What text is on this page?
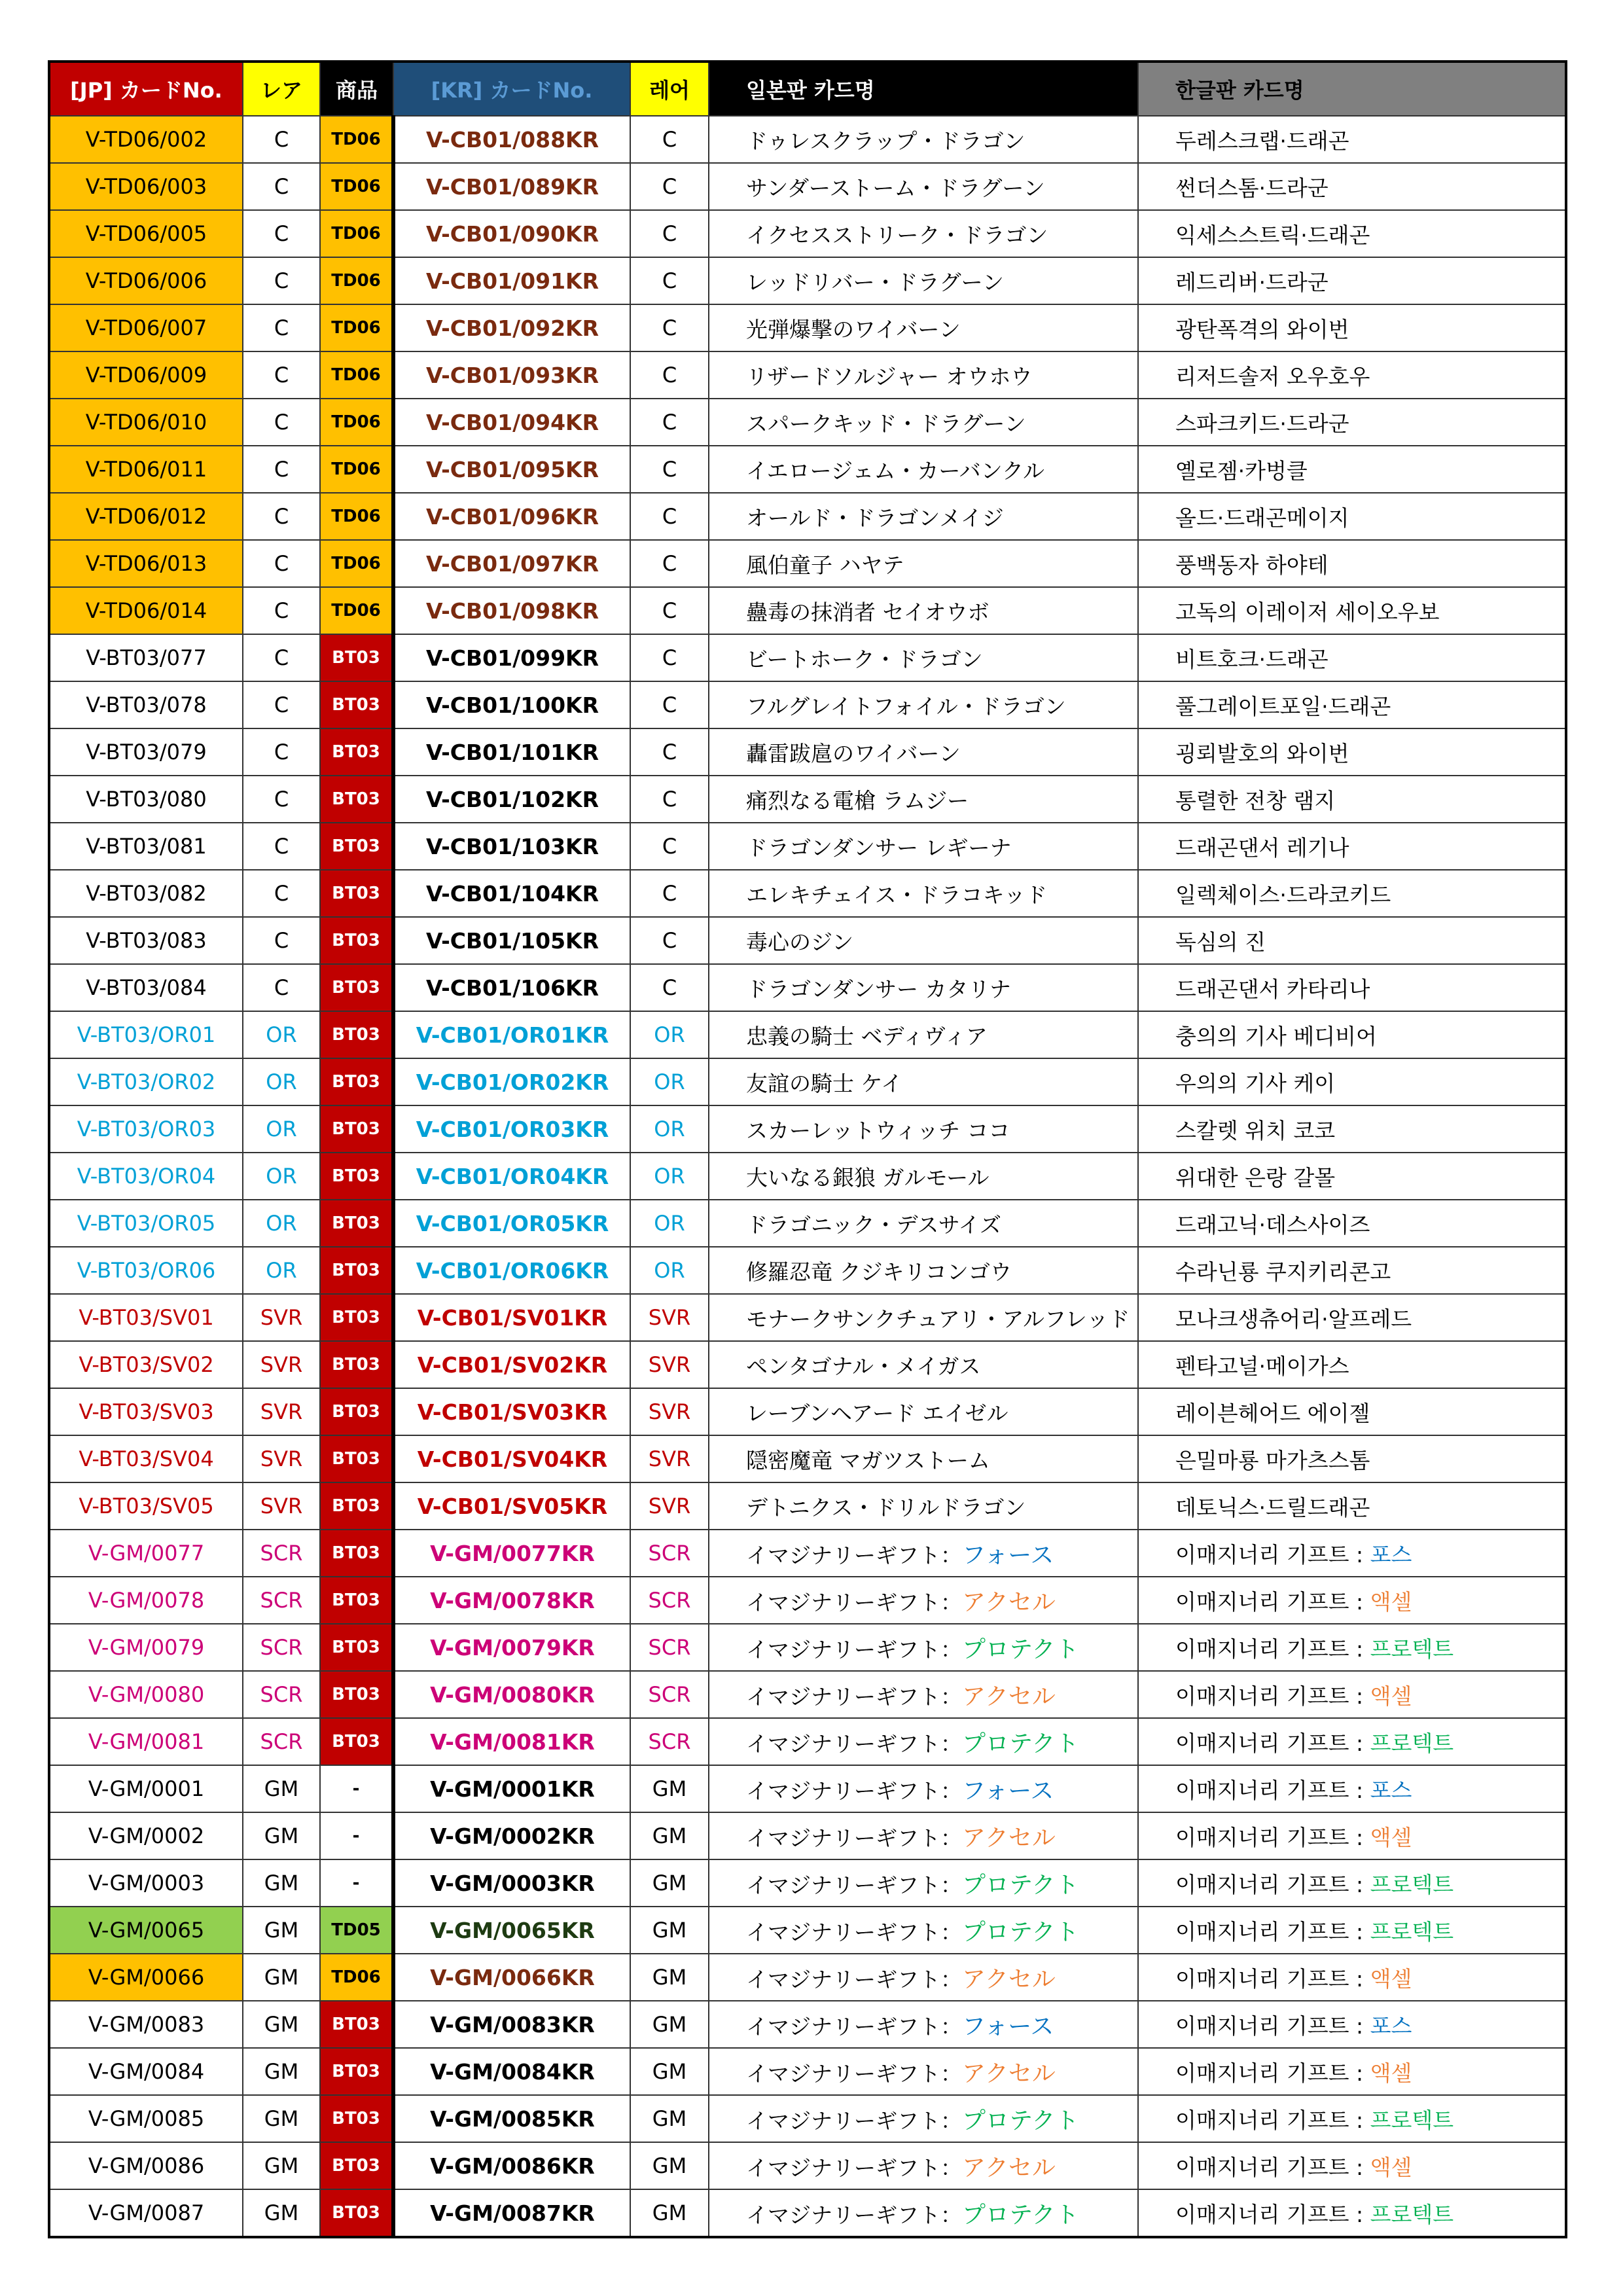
[JP] カードNo.	レア	商品	[KR] カードNo.	레어	일본판 카드명	한글판 카드명
V-TD06/002	C	TD06	V-CB01/088KR	C	ドゥレスクラップ・ドラゴン	두레스크랩·드래곤
V-TD06/003	C	TD06	V-CB01/089KR	C	サンダーストーム・ドラグーン	썬더스톰·드라군
V-TD06/005	C	TD06	V-CB01/090KR	C	イクセスストリーク・ドラゴン	익세스스트릭·드래곤
V-TD06/006	C	TD06	V-CB01/091KR	C	レッドリバー・ドラグーン	레드리버·드라군
V-TD06/007	C	TD06	V-CB01/092KR	C	光弾爆撃のワイバーン	광탄폭격의 와이번
V-TD06/009	C	TD06	V-CB01/093KR	C	リザードソルジャー オウホウ	리저드솔저 오우호우
V-TD06/010	C	TD06	V-CB01/094KR	C	スパークキッド・ドラグーン	스파크키드·드라군
V-TD06/011	C	TD06	V-CB01/095KR	C	イエロージェム・カーバンクル	옐로젬·카벙클
V-TD06/012	C	TD06	V-CB01/096KR	C	オールド・ドラゴンメイジ	올드·드래곤메이지
V-TD06/013	C	TD06	V-CB01/097KR	C	風伯童子 ハヤテ	풍백동자 하야테
V-TD06/014	C	TD06	V-CB01/098KR	C	蠱毒の抹消者 セイオウボ	고독의 이레이저 세이오우보
V-BT03/077	C	BT03	V-CB01/099KR	C	ビートホーク・ドラゴン	비트호크·드래곤
V-BT03/078	C	BT03	V-CB01/100KR	C	フルグレイトフォイル・ドラゴン	풀그레이트포일·드래곤
V-BT03/079	C	BT03	V-CB01/101KR	C	轟雷跋扈のワイバーン	굉뢰발호의 와이번
V-BT03/080	C	BT03	V-CB01/102KR	C	痛烈なる電槍 ラムジー	통렬한 전창 램지
V-BT03/081	C	BT03	V-CB01/103KR	C	ドラゴンダンサー レギーナ	드래곤댄서 레기나
V-BT03/082	C	BT03	V-CB01/104KR	C	エレキチェイス・ドラコキッド	일렉체이스·드라코키드
V-BT03/083	C	BT03	V-CB01/105KR	C	毒心のジン	독심의 진
V-BT03/084	C	BT03	V-CB01/106KR	C	ドラゴンダンサー カタリナ	드래곤댄서 카타리나
V-BT03/OR01	OR	BT03	V-CB01/OR01KR	OR	忠義の騎士 ベディヴィア	충의의 기사 베디비어
V-BT03/OR02	OR	BT03	V-CB01/OR02KR	OR	友誼の騎士 ケイ	우의의 기사 케이
V-BT03/OR03	OR	BT03	V-CB01/OR03KR	OR	スカーレットウィッチ ココ	스칼렛 위치 코코
V-BT03/OR04	OR	BT03	V-CB01/OR04KR	OR	大いなる銀狼 ガルモール	위대한 은랑 갈몰
V-BT03/OR05	OR	BT03	V-CB01/OR05KR	OR	ドラゴニック・デスサイズ	드래고닉·데스사이즈
V-BT03/OR06	OR	BT03	V-CB01/OR06KR	OR	修羅忍竜 クジキリコンゴウ	수라닌룡 쿠지키리콘고
V-BT03/SV01	SVR	BT03	V-CB01/SV01KR	SVR	モナークサンクチュアリ・アルフレッド	모나크생츄어리·알프레드
V-BT03/SV02	SVR	BT03	V-CB01/SV02KR	SVR	ペンタゴナル・メイガス	펜타고널·메이가스
V-BT03/SV03	SVR	BT03	V-CB01/SV03KR	SVR	レーブンヘアード エイゼル	레이븐헤어드 에이젤
V-BT03/SV04	SVR	BT03	V-CB01/SV04KR	SVR	隠密魔竜 マガツストーム	은밀마룡 마가츠스톰
V-BT03/SV05	SVR	BT03	V-CB01/SV05KR	SVR	デトニクス・ドリルドラゴン	데토닉스·드릴드래곤
V-GM/0077	SCR	BT03	V-GM/0077KR	SCR	イマジナリーギフト：フォース	이매지너리 기프트 : 포스
V-GM/0078	SCR	BT03	V-GM/0078KR	SCR	イマジナリーギフト：アクセル	이매지너리 기프트 : 액셀
V-GM/0079	SCR	BT03	V-GM/0079KR	SCR	イマジナリーギフト：プロテクト	이매지너리 기프트 : 프로텍트
V-GM/0080	SCR	BT03	V-GM/0080KR	SCR	イマジナリーギフト：アクセル	이매지너리 기프트 : 액셀
V-GM/0081	SCR	BT03	V-GM/0081KR	SCR	イマジナリーギフト：プロテクト	이매지너리 기프트 : 프로텍트
V-GM/0001	GM	-	V-GM/0001KR	GM	イマジナリーギフト：フォース	이매지너리 기프트 : 포스
V-GM/0002	GM	-	V-GM/0002KR	GM	イマジナリーギフト：アクセル	이매지너리 기프트 : 액셀
V-GM/0003	GM	-	V-GM/0003KR	GM	イマジナリーギフト：プロテクト	이매지너리 기프트 : 프로텍트
V-GM/0065	GM	TD05	V-GM/0065KR	GM	イマジナリーギフト：プロテクト	이매지너리 기프트 : 프로텍트
V-GM/0066	GM	TD06	V-GM/0066KR	GM	イマジナリーギフト：アクセル	이매지너리 기프트 : 액셀
V-GM/0083	GM	BT03	V-GM/0083KR	GM	イマジナリーギフト：フォース	이매지너리 기프트 : 포스
V-GM/0084	GM	BT03	V-GM/0084KR	GM	イマジナリーギフト：アクセル	이매지너리 기프트 : 액셀
V-GM/0085	GM	BT03	V-GM/0085KR	GM	イマジナリーギフト：プロテクト	이매지너리 기프트 : 프로텍트
V-GM/0086	GM	BT03	V-GM/0086KR	GM	イマジナリーギフト：アクセル	이매지너리 기프트 : 액셀
V-GM/0087	GM	BT03	V-GM/0087KR	GM	イマジナリーギフト：プロテクト	이매지너리 기프트 : 프로텍트
